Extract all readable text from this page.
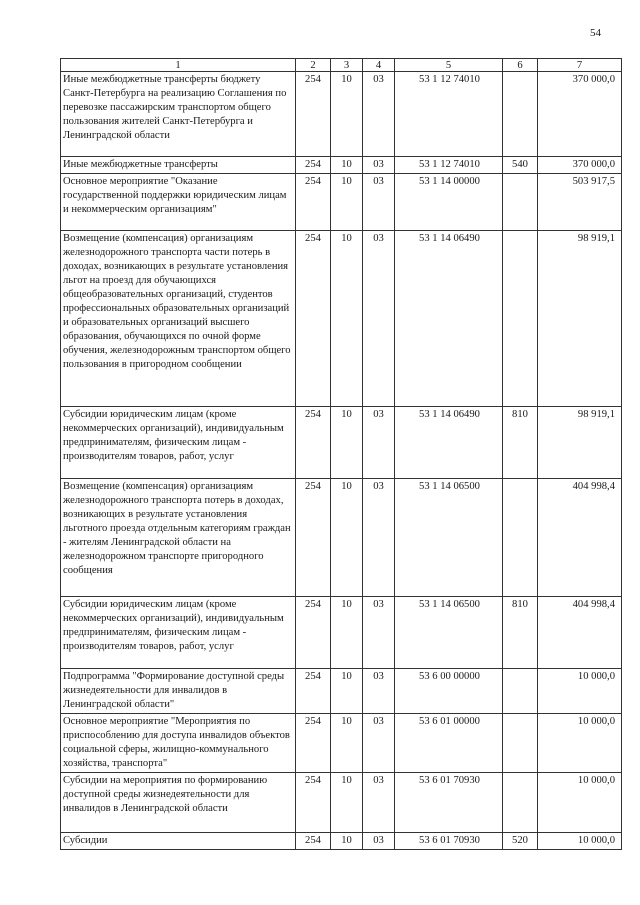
54
1	2	3	4	5	6	7
Иные межбюджетные трансферты бюджету Санкт-Петербурга на реализацию Соглашения по перевозке пассажирским транспортом общего пользования жителей Санкт-Петербурга и Ленинградской области	254	10	03	53 1 12 74010		370 000,0
Иные межбюджетные трансферты	254	10	03	53 1 12 74010	540	370 000,0
Основное мероприятие "Оказание государственной поддержки юридическим лицам и некоммерческим организациям"	254	10	03	53 1 14 00000		503 917,5
Возмещение (компенсация) организациям железнодорожного транспорта части потерь в доходах, возникающих в результате установления льгот на проезд для обучающихся общеобразовательных организаций, студентов профессиональных образовательных организаций и образовательных организаций высшего образования, обучающихся по очной форме обучения, железнодорожным транспортом общего пользования в пригородном сообщении	254	10	03	53 1 14 06490		98 919,1
Субсидии юридическим лицам (кроме некоммерческих организаций), индивидуальным предпринимателям, физическим лицам - производителям товаров, работ, услуг	254	10	03	53 1 14 06490	810	98 919,1
Возмещение (компенсация) организациям железнодорожного транспорта потерь в доходах, возникающих в результате установления льготного проезда отдельным категориям граждан - жителям Ленинградской области на железнодорожном транспорте пригородного сообщения	254	10	03	53 1 14 06500		404 998,4
Субсидии юридическим лицам (кроме некоммерческих организаций), индивидуальным предпринимателям, физическим лицам - производителям товаров, работ, услуг	254	10	03	53 1 14 06500	810	404 998,4
Подпрограмма "Формирование доступной среды жизнедеятельности для инвалидов в Ленинградской области"	254	10	03	53 6 00 00000		10 000,0
Основное мероприятие "Мероприятия по приспособлению для доступа инвалидов объектов социальной сферы, жилищно-коммунального хозяйства, транспорта"	254	10	03	53 6 01 00000		10 000,0
Субсидии на мероприятия по формированию доступной среды жизнедеятельности для инвалидов в Ленинградской области	254	10	03	53 6 01 70930		10 000,0
Субсидии	254	10	03	53 6 01 70930	520	10 000,0
